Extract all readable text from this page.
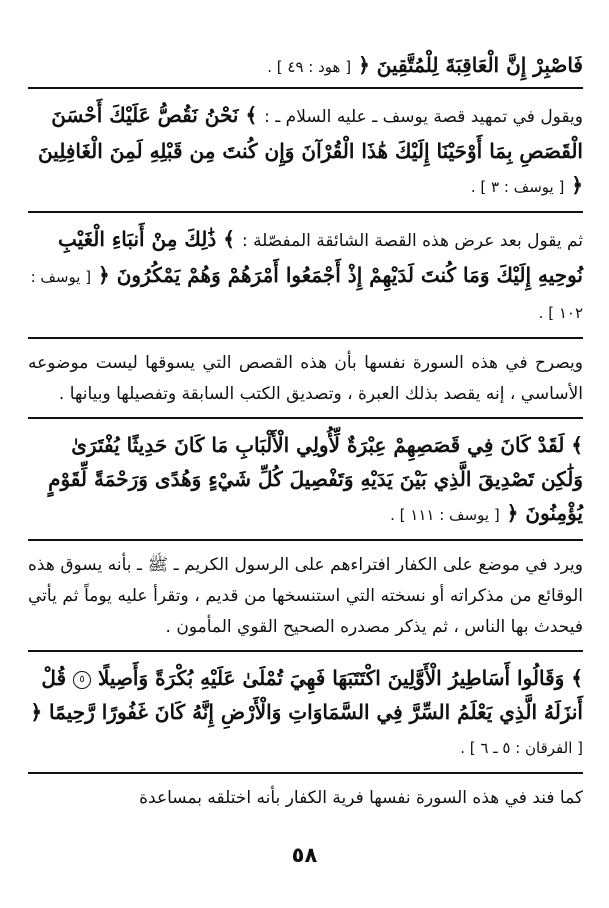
فَاصْبِرْ إِنَّ الْعَاقِبَةَ لِلْمُتَّقِينَ ﴿ [ هود : ٤٩ ] .

ويقول في تمهيد قصة يوسف ـ عليه السلام ـ : ﴾ نَحْنُ نَقُصُّ عَلَيْكَ أَحْسَنَ الْقَصَصِ بِمَا أَوْحَيْنَا إِلَيْكَ هَٰذَا الْقُرْآنَ وَإِن كُنتَ مِن قَبْلِهِ لَمِنَ الْغَافِلِينَ ﴿ [ يوسف : ٣ ] .

ثم يقول بعد عرض هذه القصة الشائقة المفصّلة : ﴾ ذَٰلِكَ مِنْ أَنبَاءِ الْغَيْبِ نُوحِيهِ إِلَيْكَ وَمَا كُنتَ لَدَيْهِمْ إِذْ أَجْمَعُوا أَمْرَهُمْ وَهُمْ يَمْكُرُونَ ﴿ [ يوسف : ١٠٢ ] .

ويصرح في هذه السورة نفسها بأن هذه القصص التي يسوقها ليست موضوعه الأساسي ، إنه يقصد بذلك العبرة ، وتصديق الكتب السابقة وتفصيلها وبيانها .

﴾ لَقَدْ كَانَ فِي قَصَصِهِمْ عِبْرَةٌ لِّأُولِي الْأَلْبَابِ مَا كَانَ حَدِيثًا يُفْتَرَىٰ وَلَٰكِن تَصْدِيقَ الَّذِي بَيْنَ يَدَيْهِ وَتَفْصِيلَ كُلِّ شَيْءٍ وَهُدًى وَرَحْمَةً لِّقَوْمٍ يُؤْمِنُونَ ﴿ [ يوسف : ١١١ ] .

ويرد في موضع على الكفار افتراءهم على الرسول الكريم ـ ﷺ ـ بأنه يسوق هذه الوقائع من مذكراته أو نسخته التي استنسخها من قديم ، وتقرأ عليه يوماً ثم يأتي فيحدث بها الناس ، ثم يذكر مصدره الصحيح القوي المأمون .

﴾ وَقَالُوا أَسَاطِيرُ الْأَوَّلِينَ اكْتَتَبَهَا فَهِيَ تُمْلَىٰ عَلَيْهِ بُكْرَةً وَأَصِيلًا ٥ قُلْ أَنزَلَهُ الَّذِي يَعْلَمُ السِّرَّ فِي السَّمَاوَاتِ وَالْأَرْضِ إِنَّهُ كَانَ غَفُورًا رَّحِيمًا ﴿ [ الفرقان : ٥ ـ ٦ ] .

كما فند في هذه السورة نفسها فرية الكفار بأنه اختلقه بمساعدة

٥٨
